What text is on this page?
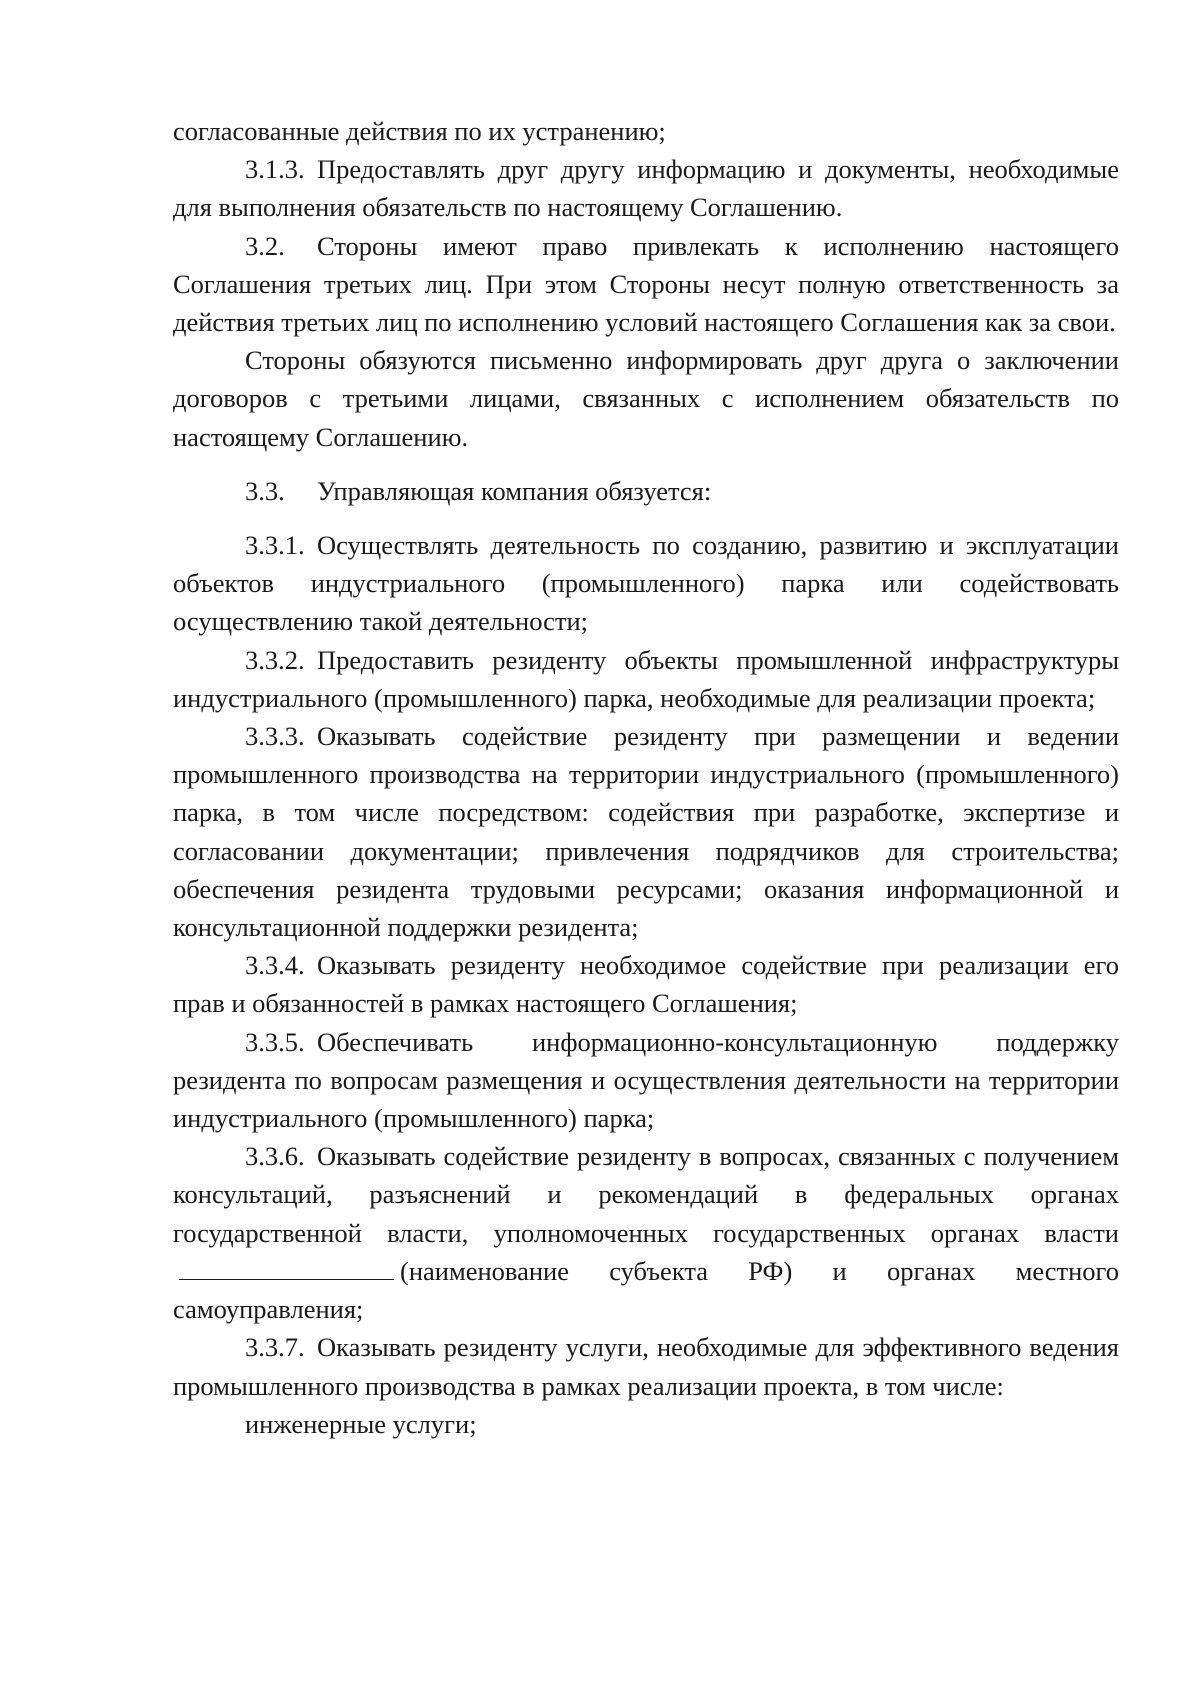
согласованные действия по их устранению;

3.1.3. Предоставлять друг другу информацию и документы, необходимые для выполнения обязательств по настоящему Соглашению.

3.2. Стороны имеют право привлекать к исполнению настоящего Соглашения третьих лиц. При этом Стороны несут полную ответственность за действия третьих лиц по исполнению условий настоящего Соглашения как за свои.

Стороны обязуются письменно информировать друг друга о заключении договоров с третьими лицами, связанных с исполнением обязательств по настоящему Соглашению.

3.3. Управляющая компания обязуется:

3.3.1. Осуществлять деятельность по созданию, развитию и эксплуатации объектов индустриального (промышленного) парка или содействовать осуществлению такой деятельности;

3.3.2. Предоставить резиденту объекты промышленной инфраструктуры индустриального (промышленного) парка, необходимые для реализации проекта;

3.3.3. Оказывать содействие резиденту при размещении и ведении промышленного производства на территории индустриального (промышленного) парка, в том числе посредством: содействия при разработке, экспертизе и согласовании документации; привлечения подрядчиков для строительства; обеспечения резидента трудовыми ресурсами; оказания информационной и консультационной поддержки резидента;

3.3.4. Оказывать резиденту необходимое содействие при реализации его прав и обязанностей в рамках настоящего Соглашения;

3.3.5. Обеспечивать информационно-консультационную поддержку резидента по вопросам размещения и осуществления деятельности на территории индустриального (промышленного) парка;

3.3.6. Оказывать содействие резиденту в вопросах, связанных с получением консультаций, разъяснений и рекомендаций в федеральных органах государственной власти, уполномоченных государственных органах власти(наименование субъекта РФ) и органах местного самоуправления;

3.3.7. Оказывать резиденту услуги, необходимые для эффективного ведения промышленного производства в рамках реализации проекта, в том числе:

инженерные услуги;
